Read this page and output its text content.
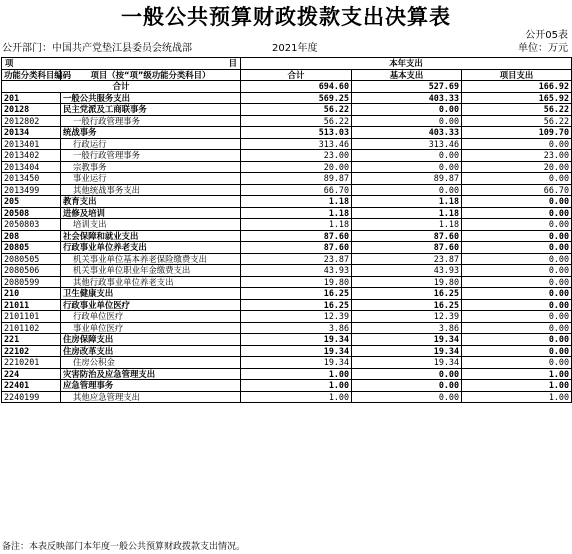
一般公共预算财政拨款支出决算表
公开05表
公开部门：中国共产党垫江县委员会统战部	2021年度	单位：万元
项 目		本年支出		
功能分类科目编码	项目（按“项”级功能分类科目）	合计	基本支出	项目支出
合计		694.60	527.69	166.92
201	一般公共服务支出	569.25	403.33	165.92
20128	民主党派及工商联事务	56.22	0.00	56.22
2012802	一般行政管理事务	56.22	0.00	56.22
20134	统战事务	513.03	403.33	109.70
2013401	行政运行	313.46	313.46	0.00
2013402	一般行政管理事务	23.00	0.00	23.00
2013404	宗教事务	20.00	0.00	20.00
2013450	事业运行	89.87	89.87	0.00
2013499	其他统战事务支出	66.70	0.00	66.70
205	教育支出	1.18	1.18	0.00
20508	进修及培训	1.18	1.18	0.00
2050803	培训支出	1.18	1.18	0.00
208	社会保障和就业支出	87.60	87.60	0.00
20805	行政事业单位养老支出	87.60	87.60	0.00
2080505	机关事业单位基本养老保险缴费支出	23.87	23.87	0.00
2080506	机关事业单位职业年金缴费支出	43.93	43.93	0.00
2080599	其他行政事业单位养老支出	19.80	19.80	0.00
210	卫生健康支出	16.25	16.25	0.00
21011	行政事业单位医疗	16.25	16.25	0.00
2101101	行政单位医疗	12.39	12.39	0.00
2101102	事业单位医疗	3.86	3.86	0.00
221	住房保障支出	19.34	19.34	0.00
22102	住房改革支出	19.34	19.34	0.00
2210201	住房公积金	19.34	19.34	0.00
224	灾害防治及应急管理支出	1.00	0.00	1.00
22401	应急管理事务	1.00	0.00	1.00
2240199	其他应急管理支出	1.00	0.00	1.00
备注：本表反映部门本年度一般公共预算财政拨款支出情况。
